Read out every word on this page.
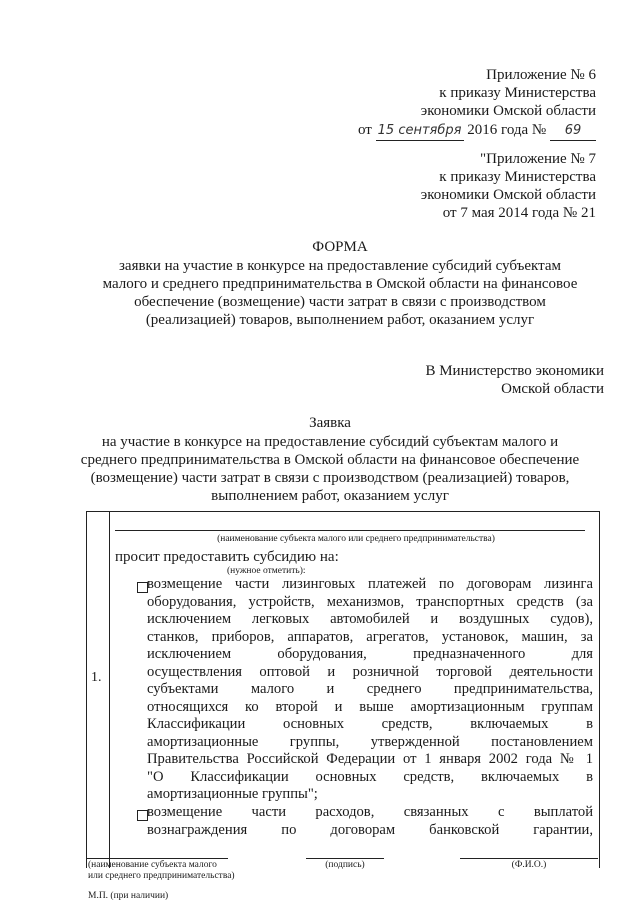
Приложение № 6
к приказу Министерства
экономики Омской области
от 15 сентября 2016 года № 69
"Приложение № 7
к приказу Министерства
экономики Омской области
от 7 мая 2014 года № 21
ФОРМА
заявки на участие в конкурсе на предоставление субсидий субъектам
малого и среднего предпринимательства в Омской области на финансовое
обеспечение (возмещение) части затрат в связи с производством
(реализацией) товаров, выполнением работ, оказанием услуг
В Министерство экономики
Омской области
Заявка
на участие в конкурсе на предоставление субсидий субъектам малого и
среднего предпринимательства в Омской области на финансовое обеспечение
(возмещение) части затрат в связи с производством (реализацией) товаров,
выполнением работ, оказанием услуг
1.
(наименование субъекта малого или среднего предпринимательства)
просит предоставить субсидию на:
(нужное отметить):
возмещение части лизинговых платежей по договорам лизинга
оборудования, устройств, механизмов, транспортных средств (за
исключением легковых автомобилей и воздушных судов),
станков, приборов, аппаратов, агрегатов, установок, машин, за
исключением оборудования, предназначенного для
осуществления оптовой и розничной торговой деятельности
субъектами малого и среднего предпринимательства,
относящихся ко второй и выше амортизационным группам
Классификации основных средств, включаемых в
амортизационные группы, утвержденной постановлением
Правительства Российской Федерации от 1 января 2002 года № 1
"О Классификации основных средств, включаемых в
амортизационные группы";
возмещение части расходов, связанных с выплатой
вознаграждения по договорам банковской гарантии,
(наименование субъекта малого
или среднего предпринимательства)
(подпись)	(Ф.И.О.)
М.П. (при наличии)
